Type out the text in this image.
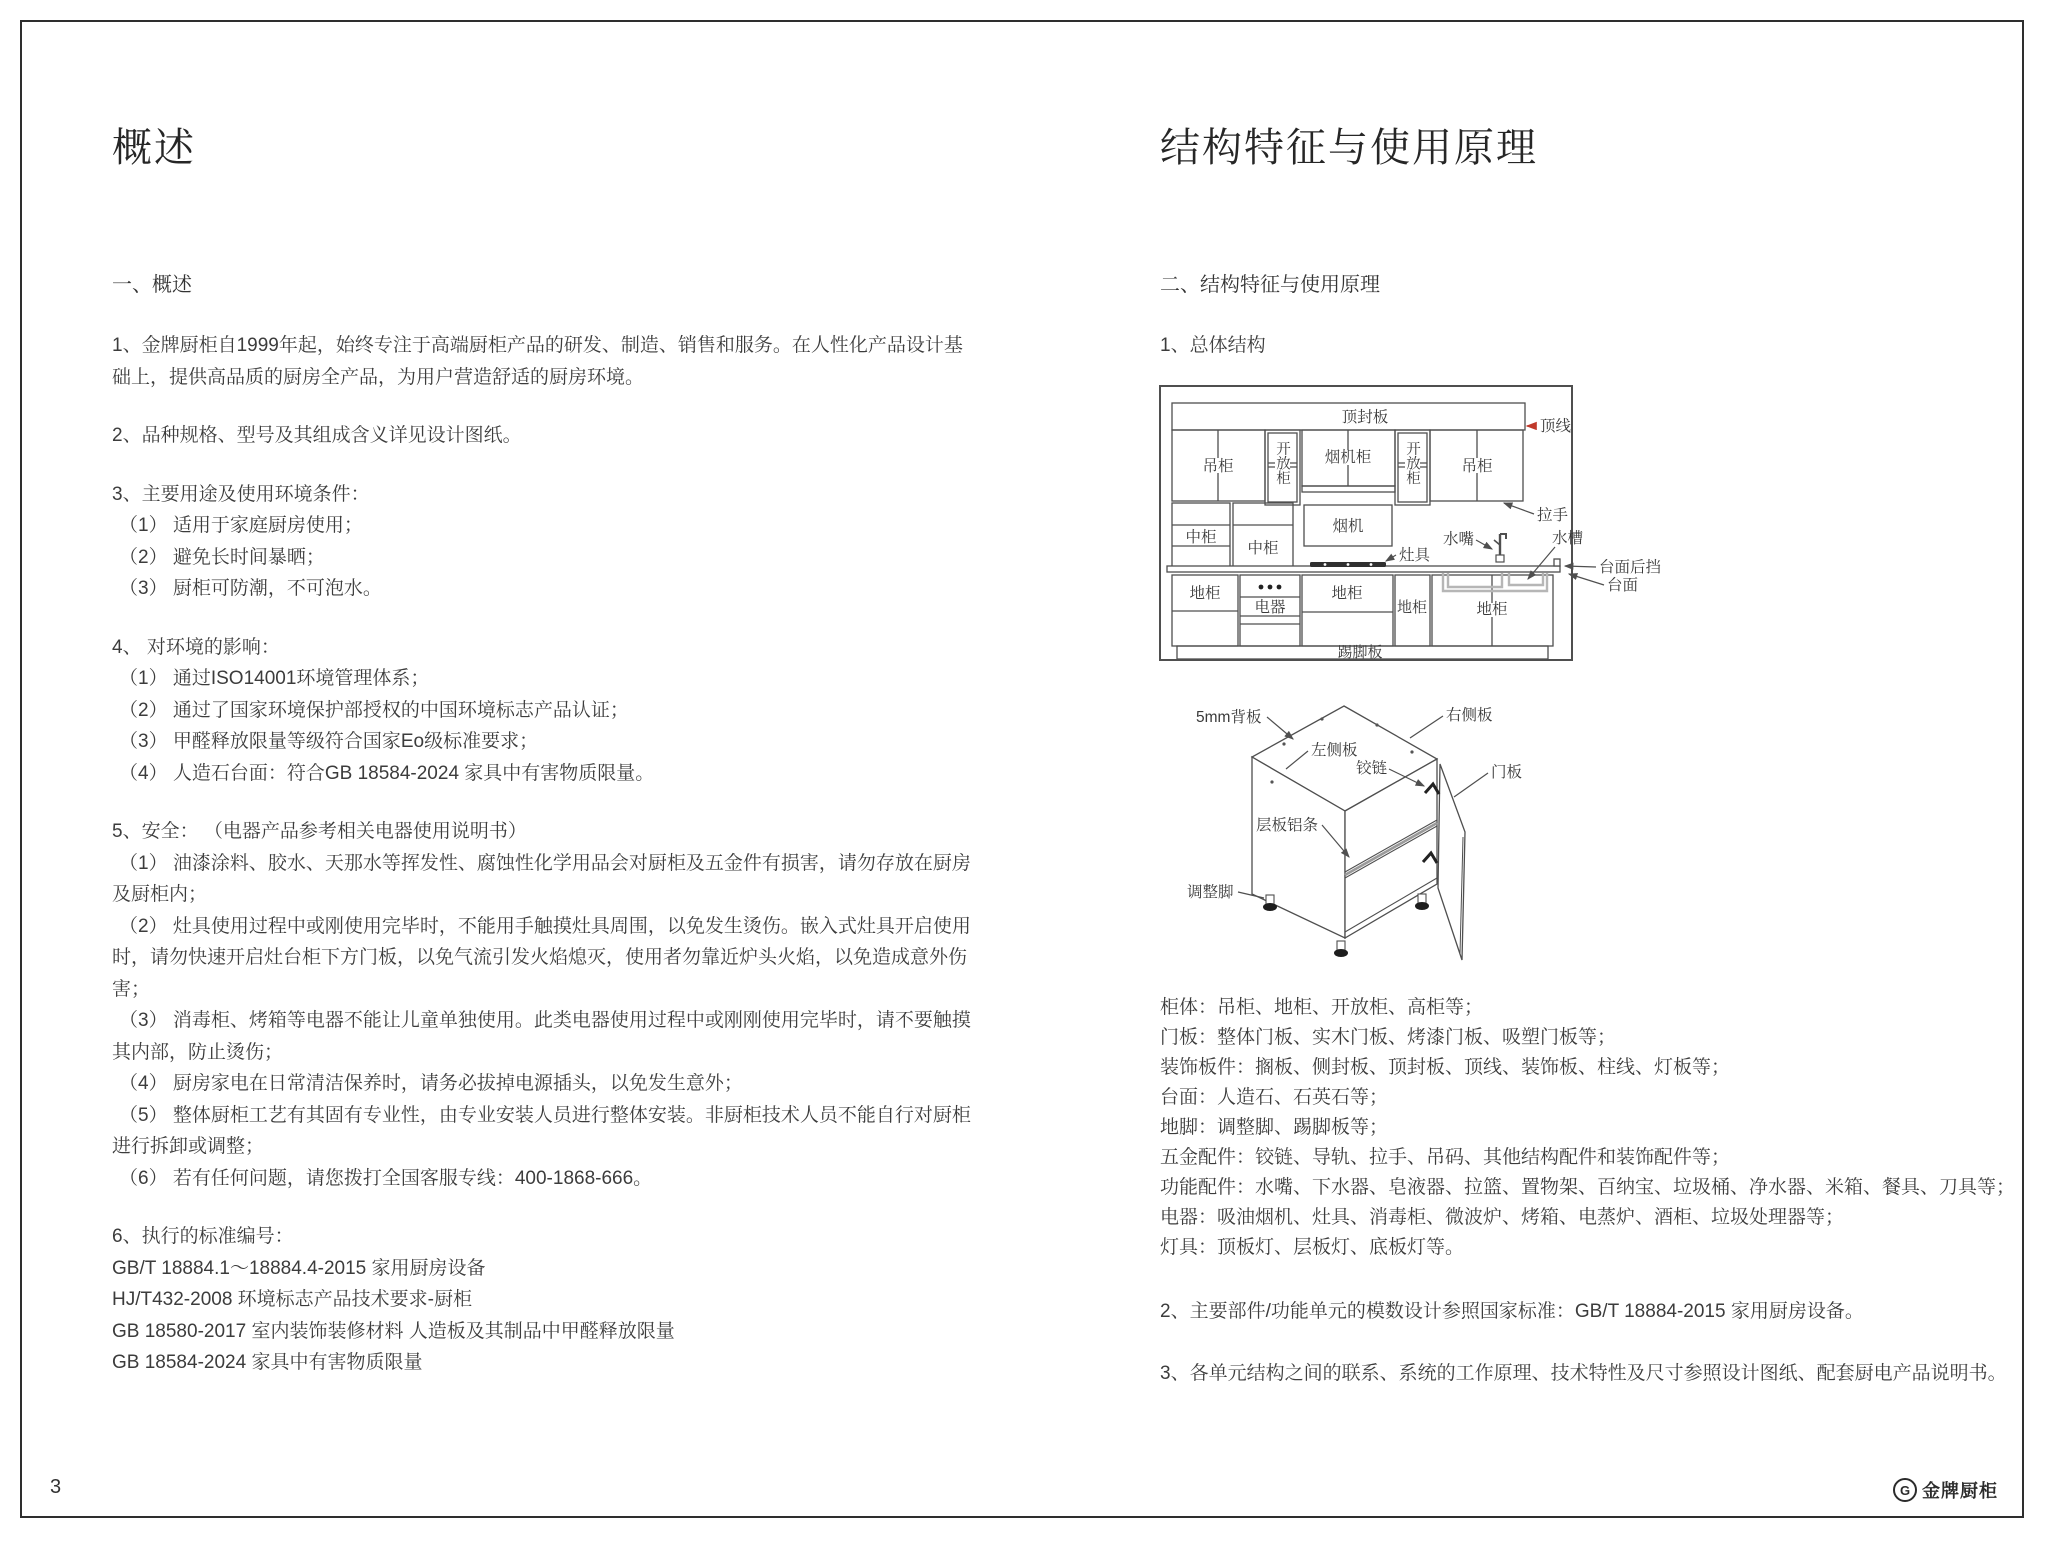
概述
一、概述

1、金牌厨柜自1999年起，始终专注于高端厨柜产品的研发、制造、销售和服务。在人性化产品设计基础上，提供高品质的厨房全产品，为用户营造舒适的厨房环境。

2、品种规格、型号及其组成含义详见设计图纸。

3、主要用途及使用环境条件：

（1） 适用于家庭厨房使用；

（2） 避免长时间暴晒；

（3） 厨柜可防潮，不可泡水。

4、 对环境的影响：

（1） 通过ISO14001环境管理体系；

（2） 通过了国家环境保护部授权的中国环境标志产品认证；

（3） 甲醛释放限量等级符合国家Eo级标准要求；

（4） 人造石台面：符合GB 18584-2024 家具中有害物质限量。

5、安全： （电器产品参考相关电器使用说明书）

（1） 油漆涂料、胶水、天那水等挥发性、腐蚀性化学用品会对厨柜及五金件有损害，请勿存放在厨房及厨柜内；

（2） 灶具使用过程中或刚使用完毕时，不能用手触摸灶具周围，以免发生烫伤。嵌入式灶具开启使用时，请勿快速开启灶台柜下方门板，以免气流引发火焰熄灭，使用者勿靠近炉头火焰，以免造成意外伤害；

（3） 消毒柜、烤箱等电器不能让儿童单独使用。此类电器使用过程中或刚刚使用完毕时，请不要触摸其内部，防止烫伤；

（4） 厨房家电在日常清洁保养时，请务必拔掉电源插头，以免发生意外；

（5） 整体厨柜工艺有其固有专业性，由专业安装人员进行整体安装。非厨柜技术人员不能自行对厨柜进行拆卸或调整；

（6） 若有任何问题，请您拨打全国客服专线：400-1868-666。

6、执行的标准编号：

GB/T 18884.1～18884.4-2015 家用厨房设备

HJ/T432-2008 环境标志产品技术要求-厨柜

GB 18580-2017 室内装饰装修材料 人造板及其制品中甲醛释放限量

GB 18584-2024 家具中有害物质限量

结构特征与使用原理
二、结构特征与使用原理
1、总体结构
顶封板
顶线
吊柜	开放柜 烟机柜 开放柜	吊柜
拉手
中柜
中柜
烟机
水嘴	水槽
灶具
台面后挡
台面
地柜
电器
地柜
地柜	地柜
踢脚板
5mm背板	右侧板
左侧板
铰链	门板
层板铝条
调整脚

柜体：吊柜、地柜、开放柜、高柜等；

门板：整体门板、实木门板、烤漆门板、吸塑门板等；

装饰板件：搁板、侧封板、顶封板、顶线、装饰板、柱线、灯板等；

台面：人造石、石英石等；

地脚：调整脚、踢脚板等；

五金配件：铰链、导轨、拉手、吊码、其他结构配件和装饰配件等；

功能配件：水嘴、下水器、皂液器、拉篮、置物架、百纳宝、垃圾桶、净水器、米箱、餐具、刀具等；

电器：吸油烟机、灶具、消毒柜、微波炉、烤箱、电蒸炉、酒柜、垃圾处理器等；

灯具：顶板灯、层板灯、底板灯等。

2、主要部件/功能单元的模数设计参照国家标准：GB/T 18884-2015 家用厨房设备。
3、各单元结构之间的联系、系统的工作原理、技术特性及尺寸参照设计图纸、配套厨电产品说明书。
3	G 金牌厨柜
